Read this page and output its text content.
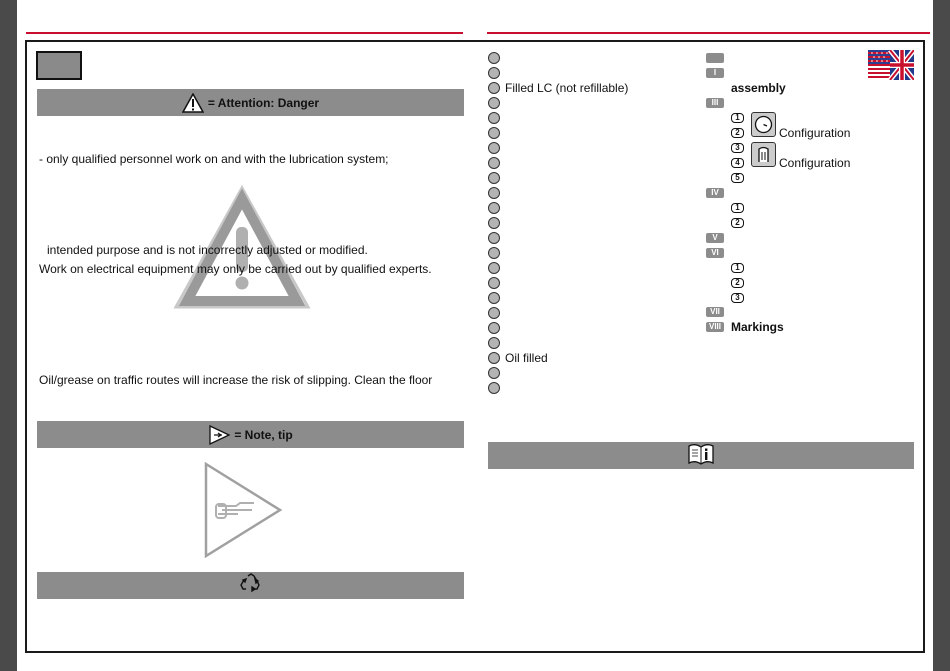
= Attention: Danger
- only qualified personnel work on and with the lubrication system;
intended purpose and is not incorrectly adjusted or modified.
Work on electrical equipment may only be carried out by qualified experts.
Oil/grease on traffic routes will increase the risk of slipping. Clean the floor
= Note, tip
Filled LC (not refillable)
Oil filled
I
III
IV
V
VI
VII
VIII
assembly
Markings
1
2
3
4
5
1
2
1
2
3
Configuration
Configuration
